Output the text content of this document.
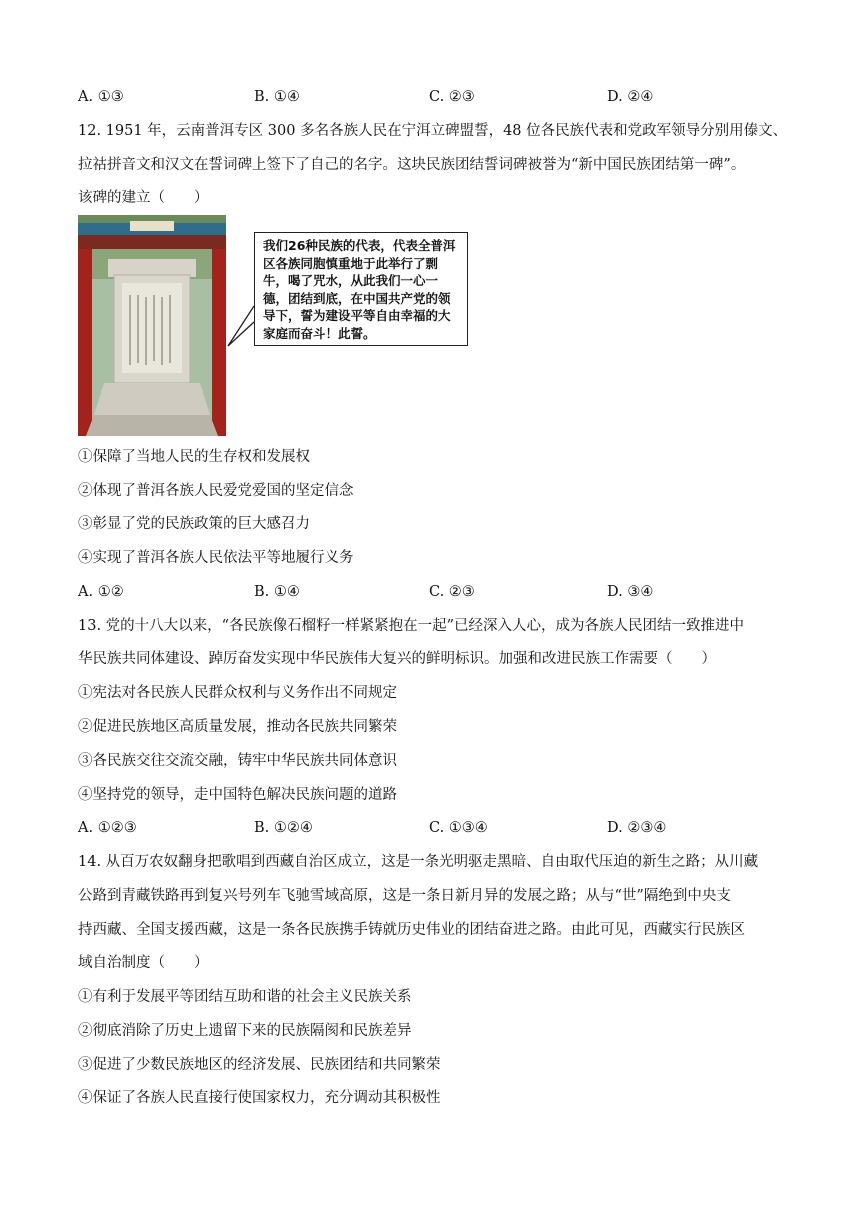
A. ①③	B. ①④	C. ②③	D. ②④
12. 1951 年，云南普洱专区 300 多名各族人民在宁洱立碑盟誓，48 位各民族代表和党政军领导分别用傣文、
拉祜拼音文和汉文在誓词碑上签下了自己的名字。这块民族团结誓词碑被誉为“新中国民族团结第一碑”。
该碑的建立（　　）
我们26种民族的代表，代表全普洱区各族同胞慎重地于此举行了剽牛，喝了咒水，从此我们一心一德，团结到底，在中国共产党的领导下，誓为建设平等自由幸福的大家庭而奋斗！此誓。
①保障了当地人民的生存权和发展权
②体现了普洱各族人民爱党爱国的坚定信念
③彰显了党的民族政策的巨大感召力
④实现了普洱各族人民依法平等地履行义务
A. ①②	B. ①④	C. ②③	D. ③④
13. 党的十八大以来，“各民族像石榴籽一样紧紧抱在一起”已经深入人心，成为各族人民团结一致推进中
华民族共同体建设、踔厉奋发实现中华民族伟大复兴的鲜明标识。加强和改进民族工作需要（　　）
①宪法对各民族人民群众权利与义务作出不同规定
②促进民族地区高质量发展，推动各民族共同繁荣
③各民族交往交流交融，铸牢中华民族共同体意识
④坚持党的领导，走中国特色解决民族问题的道路
A. ①②③	B. ①②④	C. ①③④	D. ②③④
14. 从百万农奴翻身把歌唱到西藏自治区成立，这是一条光明驱走黑暗、自由取代压迫的新生之路；从川藏
公路到青藏铁路再到复兴号列车飞驰雪域高原，这是一条日新月异的发展之路；从与“世”隔绝到中央支
持西藏、全国支援西藏，这是一条各民族携手铸就历史伟业的团结奋进之路。由此可见，西藏实行民族区
域自治制度（　　）
①有利于发展平等团结互助和谐的社会主义民族关系
②彻底消除了历史上遗留下来的民族隔阂和民族差异
③促进了少数民族地区的经济发展、民族团结和共同繁荣
④保证了各族人民直接行使国家权力，充分调动其积极性
